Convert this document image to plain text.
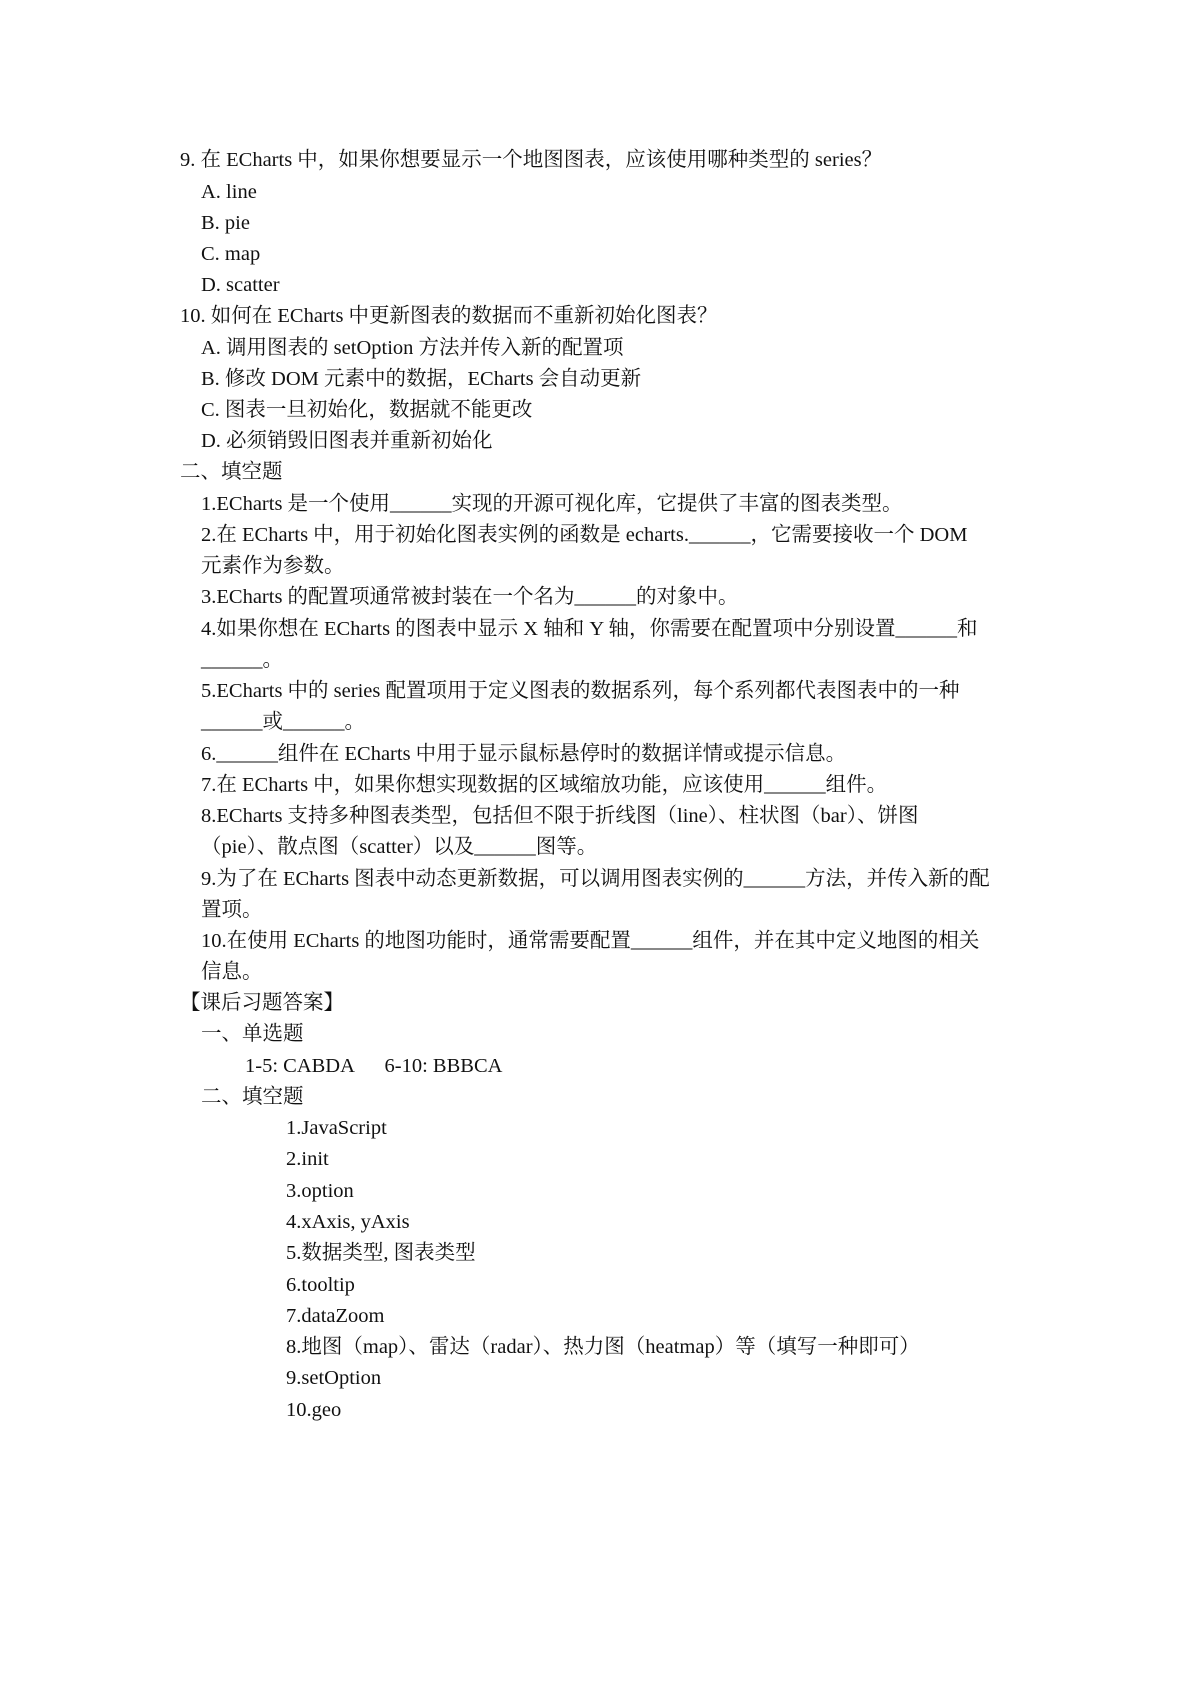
9. 在 ECharts 中，如果你想要显示一个地图图表，应该使用哪种类型的 series？
A. line
B. pie
C. map
D. scatter
10. 如何在 ECharts 中更新图表的数据而不重新初始化图表？
A. 调用图表的 setOption 方法并传入新的配置项
B. 修改 DOM 元素中的数据，ECharts 会自动更新
C. 图表一旦初始化，数据就不能更改
D. 必须销毁旧图表并重新初始化
二、填空题
1.ECharts 是一个使用______实现的开源可视化库，它提供了丰富的图表类型。
2.在 ECharts 中，用于初始化图表实例的函数是 echarts.______，它需要接收一个 DOM
元素作为参数。
3.ECharts 的配置项通常被封装在一个名为______的对象中。
4.如果你想在 ECharts 的图表中显示 X 轴和 Y 轴，你需要在配置项中分别设置______和
______。
5.ECharts 中的 series 配置项用于定义图表的数据系列，每个系列都代表图表中的一种
______或______。
6.______组件在 ECharts 中用于显示鼠标悬停时的数据详情或提示信息。
7.在 ECharts 中，如果你想实现数据的区域缩放功能，应该使用______组件。
8.ECharts 支持多种图表类型，包括但不限于折线图（line）、柱状图（bar）、饼图
（pie）、散点图（scatter）以及______图等。
9.为了在 ECharts 图表中动态更新数据，可以调用图表实例的______方法，并传入新的配
置项。
10.在使用 ECharts 的地图功能时，通常需要配置______组件，并在其中定义地图的相关
信息。
【课后习题答案】
一、单选题
1-5: CABDA      6-10: BBBCA
二、填空题
1.JavaScript
2.init
3.option
4.xAxis, yAxis
5.数据类型, 图表类型
6.tooltip
7.dataZoom
8.地图（map）、雷达（radar）、热力图（heatmap）等（填写一种即可）
9.setOption
10.geo
